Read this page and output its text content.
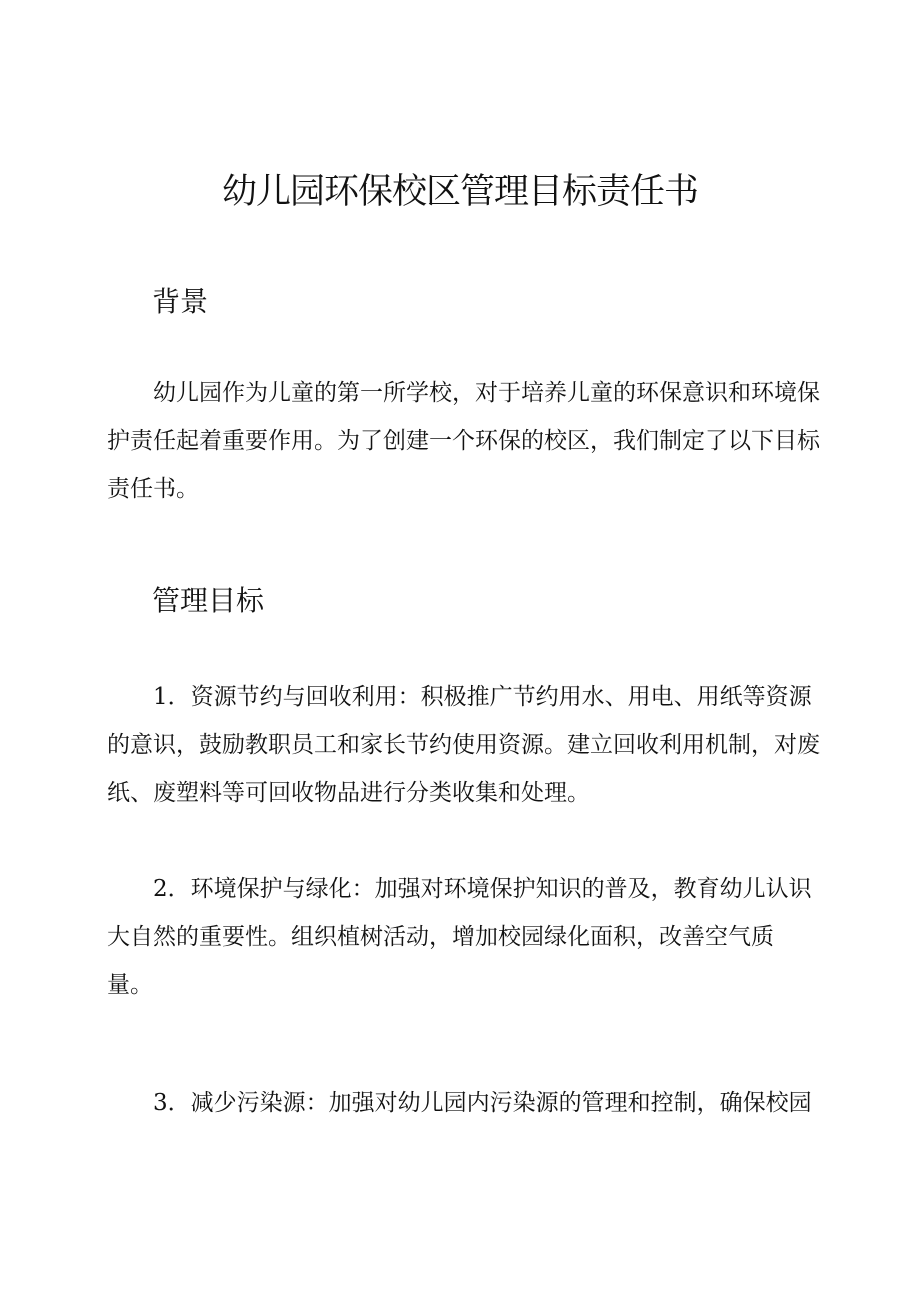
幼儿园环保校区管理目标责任书
背景
幼儿园作为儿童的第一所学校，对于培养儿童的环保意识和环境保
护责任起着重要作用。为了创建一个环保的校区，我们制定了以下目标
责任书。
管理目标
1．资源节约与回收利用：积极推广节约用水、用电、用纸等资源
的意识，鼓励教职员工和家长节约使用资源。建立回收利用机制，对废
纸、废塑料等可回收物品进行分类收集和处理。
2．环境保护与绿化：加强对环境保护知识的普及，教育幼儿认识
大自然的重要性。组织植树活动，增加校园绿化面积，改善空气质
量。
3．减少污染源：加强对幼儿园内污染源的管理和控制，确保校园
